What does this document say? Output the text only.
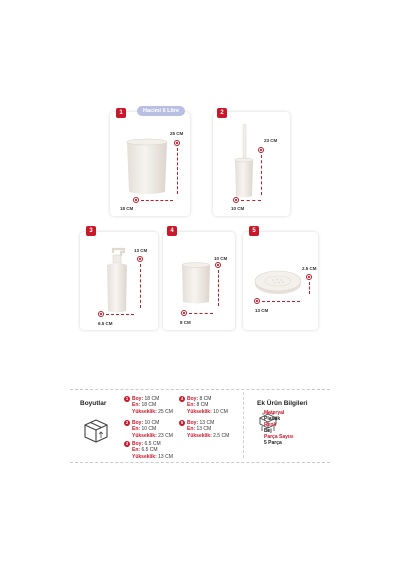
1	Hacimi 6 Litre
25 CM
18 CM
2
23 CM
10 CM
3
13 CM
6.5 CM
4
10 CM
8 CM
5
2.5 CM
13 CM
Boyutlar
1 Boy: 18 CM
En: 18 CM
Yükseklik: 25 CM
2 Boy: 10 CM
En: 10 CM
Yükseklik: 23 CM
3 Boy: 6.5 CM
En: 6.5 CM
Yükseklik: 13 CM
4 Boy: 8 CM
En: 8 CM
Yükseklik: 10 CM
5 Boy: 13 CM
En: 13 CM
Yükseklik: 2.5 CM
Ek Ürün Bilgileri
Materyal
Plastik
Renk
Bej
Parça Sayısı
5 Parça
